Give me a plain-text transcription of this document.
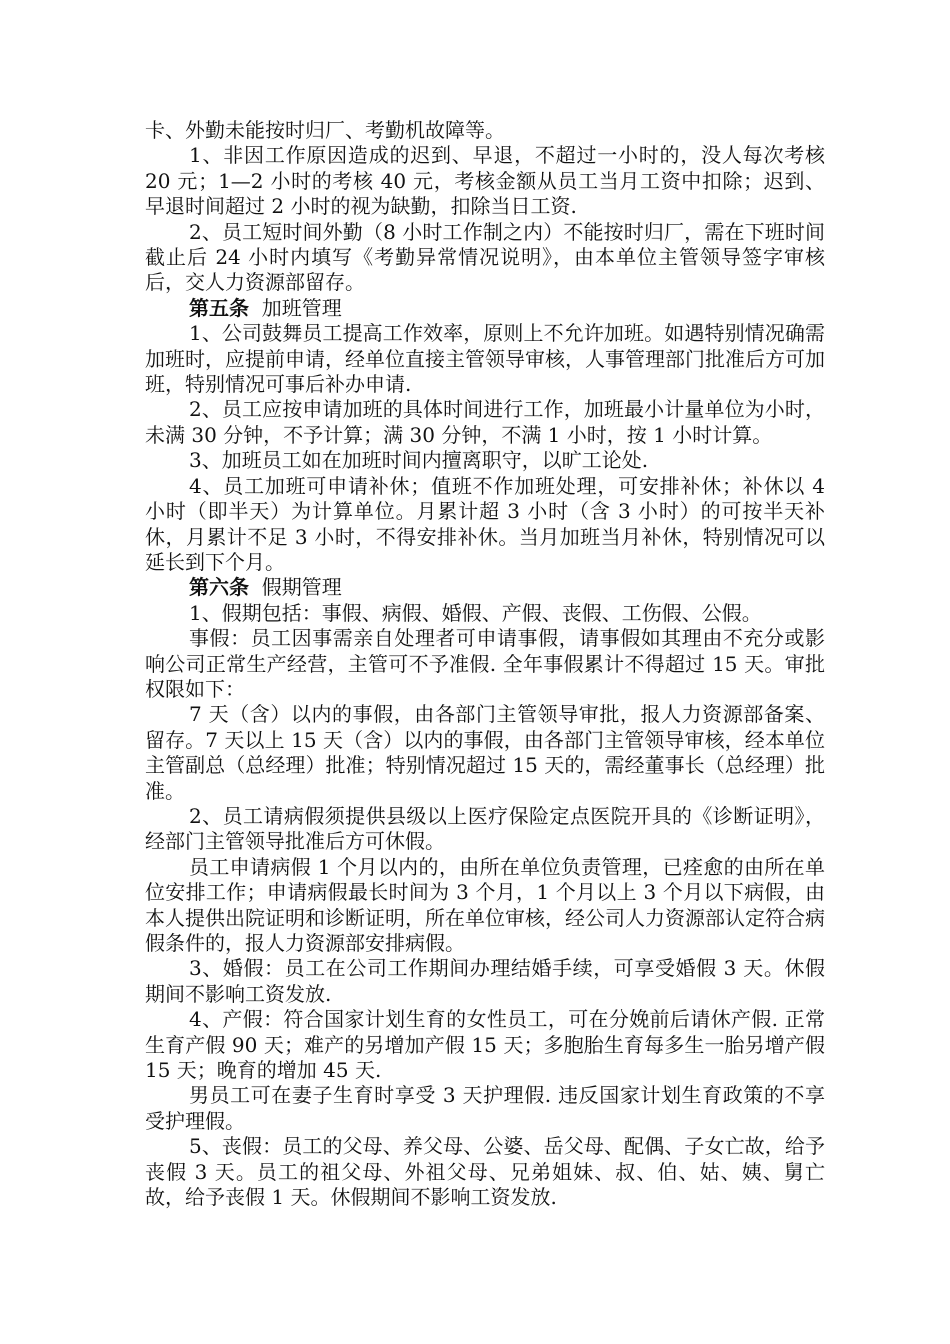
卡、外勤未能按时归厂、考勤机故障等。

1、非因工作原因造成的迟到、早退，不超过一小时的，没人每次考核 20 元；1—2 小时的考核 40 元，考核金额从员工当月工资中扣除；迟到、早退时间超过 2 小时的视为缺勤，扣除当日工资.

2、员工短时间外勤（8 小时工作制之内）不能按时归厂，需在下班时间截止后 24 小时内填写《考勤异常情况说明》，由本单位主管领导签字审核后，交人力资源部留存。

第五条 加班管理

1、公司鼓舞员工提高工作效率，原则上不允许加班。如遇特别情况确需加班时，应提前申请，经单位直接主管领导审核，人事管理部门批准后方可加班，特别情况可事后补办申请.

2、员工应按申请加班的具体时间进行工作，加班最小计量单位为小时，未满 30 分钟，不予计算；满 30 分钟，不满 1 小时，按 1 小时计算。

3、加班员工如在加班时间内擅离职守，以旷工论处.

4、员工加班可申请补休；值班不作加班处理，可安排补休；补休以 4 小时（即半天）为计算单位。月累计超 3 小时（含 3 小时）的可按半天补休，月累计不足 3 小时，不得安排补休。当月加班当月补休，特别情况可以延长到下个月。

第六条 假期管理

1、假期包括：事假、病假、婚假、产假、丧假、工伤假、公假。

事假：员工因事需亲自处理者可申请事假，请事假如其理由不充分或影响公司正常生产经营，主管可不予准假. 全年事假累计不得超过 15 天。审批权限如下：

7 天（含）以内的事假，由各部门主管领导审批，报人力资源部备案、留存。7 天以上 15 天（含）以内的事假，由各部门主管领导审核，经本单位主管副总（总经理）批准；特别情况超过 15 天的，需经董事长（总经理）批准。

2、员工请病假须提供县级以上医疗保险定点医院开具的《诊断证明》，经部门主管领导批准后方可休假。

员工申请病假 1 个月以内的，由所在单位负责管理，已痊愈的由所在单位安排工作；申请病假最长时间为 3 个月，1 个月以上 3 个月以下病假，由本人提供出院证明和诊断证明，所在单位审核，经公司人力资源部认定符合病假条件的，报人力资源部安排病假。

3、婚假：员工在公司工作期间办理结婚手续，可享受婚假 3 天。休假期间不影响工资发放.

4、产假：符合国家计划生育的女性员工，可在分娩前后请休产假. 正常生育产假 90 天；难产的另增加产假 15 天；多胞胎生育每多生一胎另增产假 15 天；晚育的增加 45 天.

男员工可在妻子生育时享受 3 天护理假. 违反国家计划生育政策的不享受护理假。

5、丧假：员工的父母、养父母、公婆、岳父母、配偶、子女亡故，给予丧假 3 天。员工的祖父母、外祖父母、兄弟姐妹、叔、伯、姑、姨、舅亡故，给予丧假 1 天。休假期间不影响工资发放.
